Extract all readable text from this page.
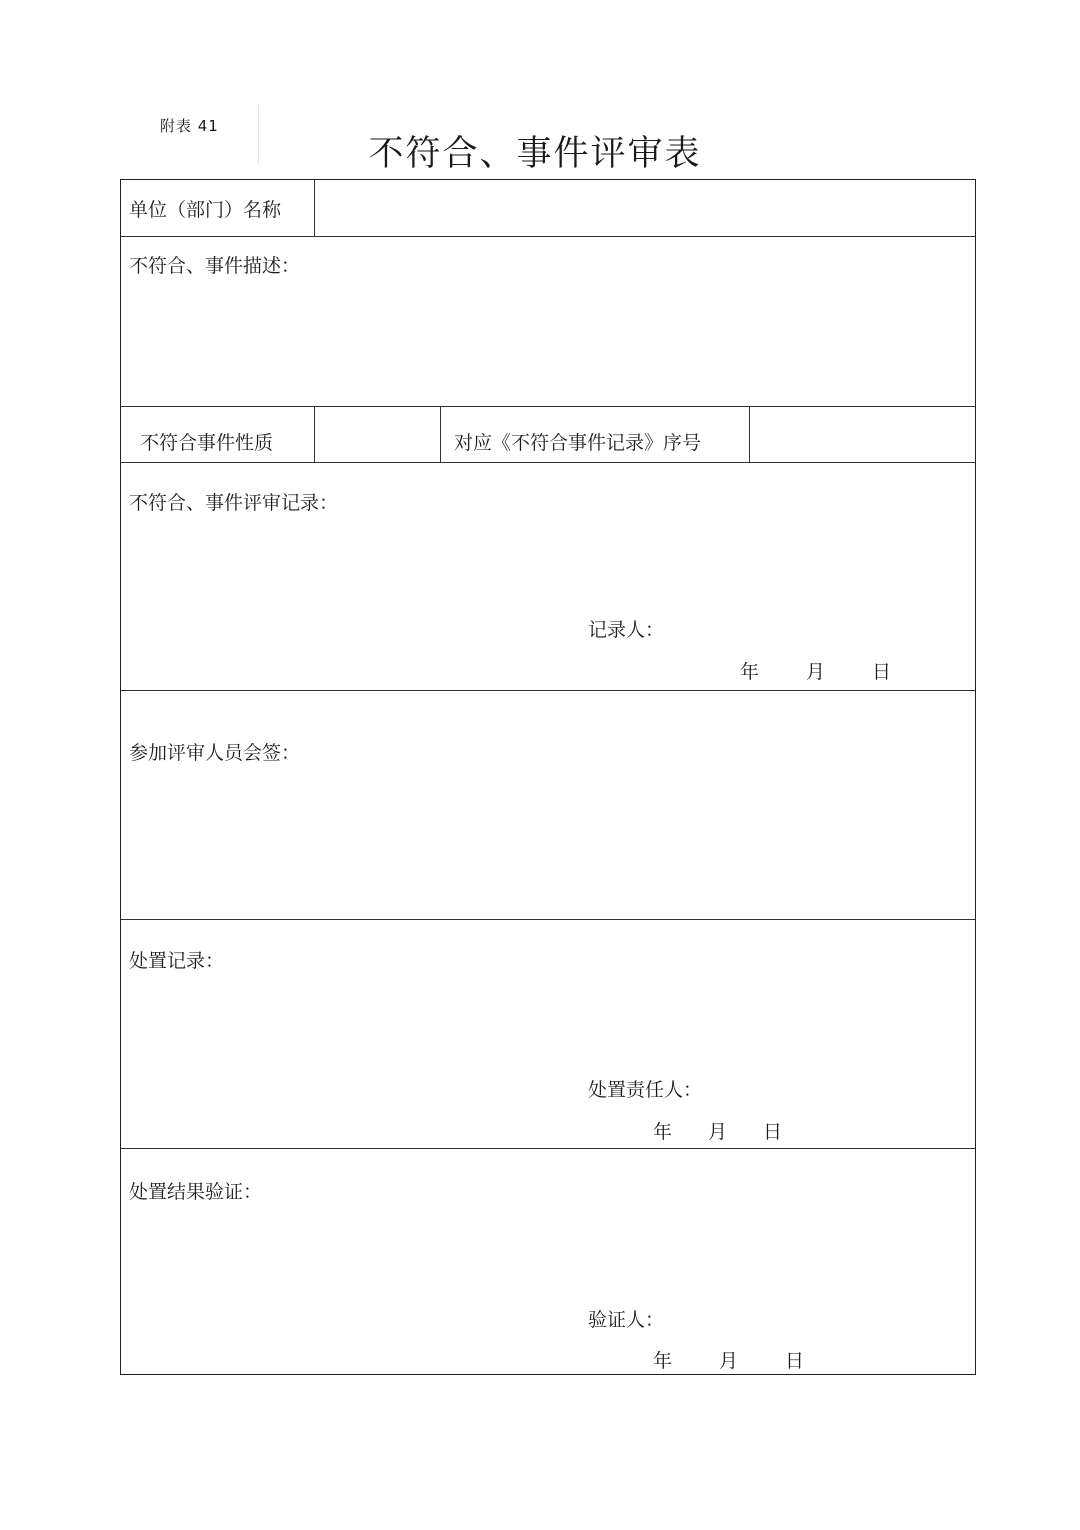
附表 41
不符合、事件评审表
单位（部门）名称
不符合、事件描述：
不符合事件性质	对应《不符合事件记录》序号
不符合、事件评审记录：
记录人：
年 月 日
参加评审人员会签：
处置记录：
处置责任人：
年 月 日
处置结果验证：
验证人：
年 月 日
